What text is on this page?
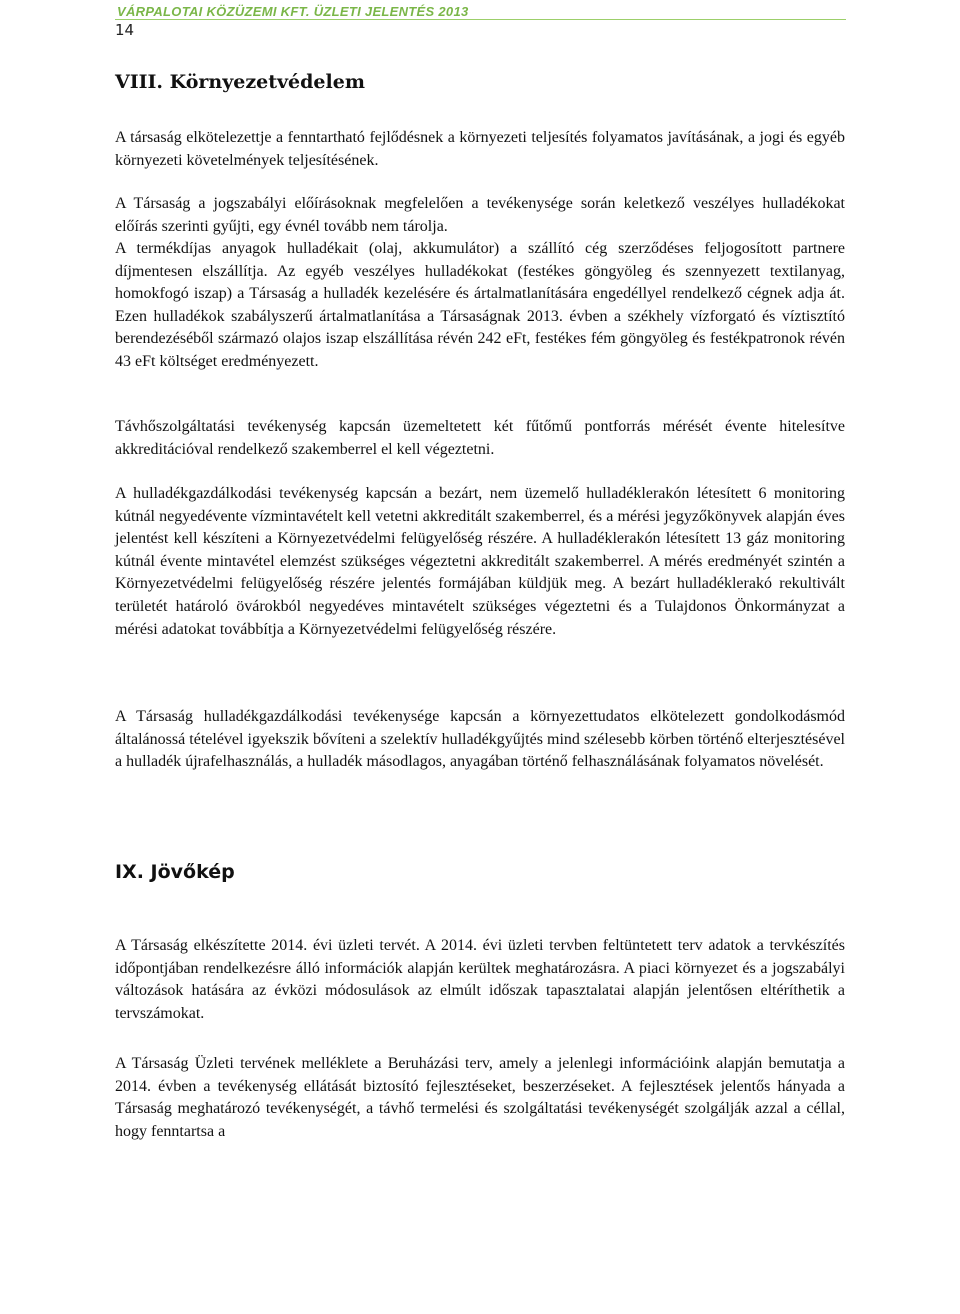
VÁRPALOTAI KÖZÜZEMI KFT. ÜZLETI JELENTÉS 2013
14
VIII. Környezetvédelem

A társaság elkötelezettje a fenntartható fejlődésnek a környezeti teljesítés folyamatos javításának, a jogi és egyéb környezeti követelmények teljesítésének.

A Társaság a jogszabályi előírásoknak megfelelően a tevékenysége során keletkező veszélyes hulladékokat előírás szerinti gyűjti, egy évnél tovább nem tárolja.

A termékdíjas anyagok hulladékait (olaj, akkumulátor) a szállító cég szerződéses feljogosított partnere díjmentesen elszállítja. Az egyéb veszélyes hulladékokat (festékes göngyöleg és szennyezett textilanyag, homokfogó iszap) a Társaság a hulladék kezelésére és ártalmatlanítására engedéllyel rendelkező cégnek adja át. Ezen hulladékok szabályszerű ártalmatlanítása a Társaságnak 2013. évben a székhely vízforgató és víztisztító berendezéséből származó olajos iszap elszállítása révén 242 eFt, festékes fém göngyöleg és festékpatronok révén 43 eFt költséget eredményezett.

Távhőszolgáltatási tevékenység kapcsán üzemeltetett két fűtőmű pontforrás mérését évente hitelesítve akkreditációval rendelkező szakemberrel el kell végeztetni.

A hulladékgazdálkodási tevékenység kapcsán a bezárt, nem üzemelő hulladéklerakón létesített 6 monitoring kútnál negyedévente vízmintavételt kell vetetni akkreditált szakemberrel, és a mérési jegyzőkönyvek alapján éves jelentést kell készíteni a Környezetvédelmi felügyelőség részére. A hulladéklerakón létesített 13 gáz monitoring kútnál évente mintavétel elemzést szükséges végeztetni akkreditált szakemberrel. A mérés eredményét szintén a Környezetvédelmi felügyelőség részére jelentés formájában küldjük meg. A bezárt hulladéklerakó rekultivált területét határoló övárokból negyedéves mintavételt szükséges végeztetni és a Tulajdonos Önkormányzat a mérési adatokat továbbítja a Környezetvédelmi felügyelőség részére.

A Társaság hulladékgazdálkodási tevékenysége kapcsán a környezettudatos elkötelezett gondolkodásmód általánossá tételével igyekszik bővíteni a szelektív hulladékgyűjtés mind szélesebb körben történő elterjesztésével a hulladék újrafelhasználás, a hulladék másodlagos, anyagában történő felhasználásának folyamatos növelését.

IX. Jövőkép

A Társaság elkészítette 2014. évi üzleti tervét. A 2014. évi üzleti tervben feltüntetett terv adatok a tervkészítés időpontjában rendelkezésre álló információk alapján kerültek meghatározásra. A piaci környezet és a jogszabályi változások hatására az évközi módosulások az elmúlt időszak tapasztalatai alapján jelentősen eltéríthetik a tervszámokat.

A Társaság Üzleti tervének melléklete a Beruházási terv, amely a jelenlegi információink alapján bemutatja a 2014. évben a tevékenység ellátását biztosító fejlesztéseket, beszerzéseket. A fejlesztések jelentős hányada a Társaság meghatározó tevékenységét, a távhő termelési és szolgáltatási tevékenységét szolgálják azzal a céllal, hogy fenntartsa a
